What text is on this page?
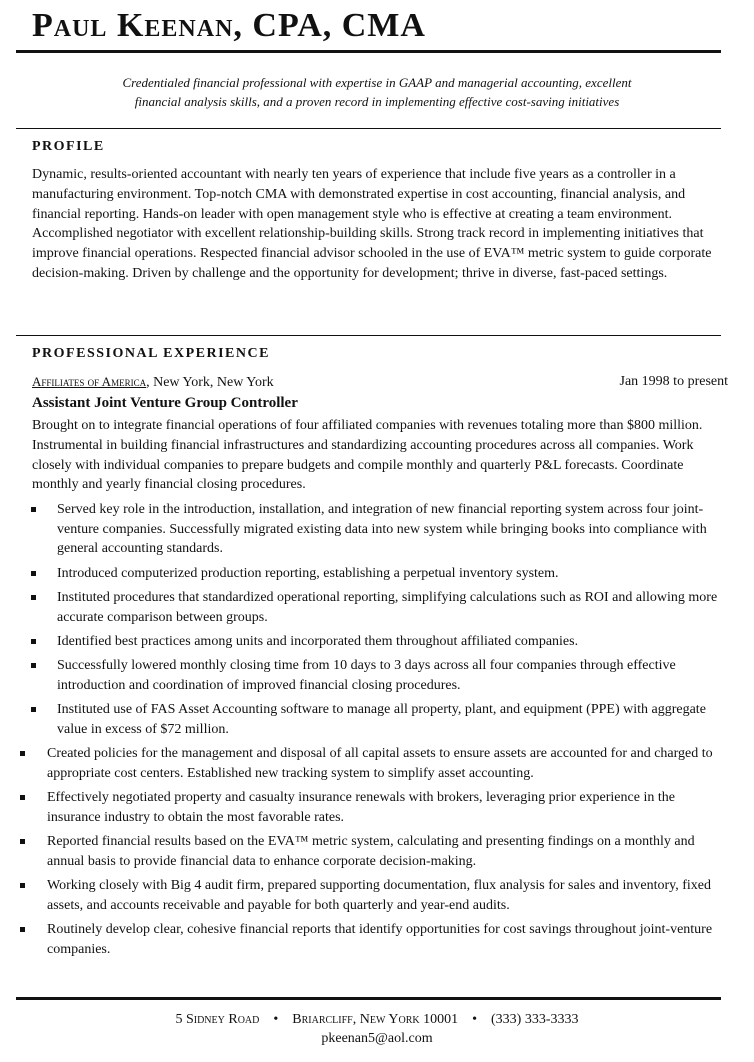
Paul Keenan, CPA, CMA
Credentialed financial professional with expertise in GAAP and managerial accounting, excellent
financial analysis skills, and a proven record in implementing effective cost-saving initiatives
PROFILE
Dynamic, results-oriented accountant with nearly ten years of experience that include five years as a controller in a manufacturing environment. Top-notch CMA with demonstrated expertise in cost accounting, financial analysis, and financial reporting. Hands-on leader with open management style who is effective at creating a team environment. Accomplished negotiator with excellent relationship-building skills. Strong track record in implementing initiatives that improve financial operations. Respected financial advisor schooled in the use of EVA™ metric system to guide corporate decision-making. Driven by challenge and the opportunity for development; thrive in diverse, fast-paced settings.
PROFESSIONAL EXPERIENCE
Affiliates of America, New York, New York	Jan 1998 to present
Assistant Joint Venture Group Controller
Brought on to integrate financial operations of four affiliated companies with revenues totaling more than $800 million. Instrumental in building financial infrastructures and standardizing accounting procedures across all companies. Work closely with individual companies to prepare budgets and compile monthly and quarterly P&L forecasts. Coordinate monthly and yearly financial closing procedures.
Served key role in the introduction, installation, and integration of new financial reporting system across four joint-venture companies. Successfully migrated existing data into new system while bringing books into compliance with general accounting standards.
Introduced computerized production reporting, establishing a perpetual inventory system.
Instituted procedures that standardized operational reporting, simplifying calculations such as ROI and allowing more accurate comparison between groups.
Identified best practices among units and incorporated them throughout affiliated companies.
Successfully lowered monthly closing time from 10 days to 3 days across all four companies through effective introduction and coordination of improved financial closing procedures.
Instituted use of FAS Asset Accounting software to manage all property, plant, and equipment (PPE) with aggregate value in excess of $72 million.
Created policies for the management and disposal of all capital assets to ensure assets are accounted for and charged to appropriate cost centers. Established new tracking system to simplify asset accounting.
Effectively negotiated property and casualty insurance renewals with brokers, leveraging prior experience in the insurance industry to obtain the most favorable rates.
Reported financial results based on the EVA™ metric system, calculating and presenting findings on a monthly and annual basis to provide financial data to enhance corporate decision-making.
Working closely with Big 4 audit firm, prepared supporting documentation, flux analysis for sales and inventory, fixed assets, and accounts receivable and payable for both quarterly and year-end audits.
Routinely develop clear, cohesive financial reports that identify opportunities for cost savings throughout joint-venture companies.
5 Sidney Road • Briarcliff, New York 10001 • (333) 333-3333
pkeenan5@aol.com
